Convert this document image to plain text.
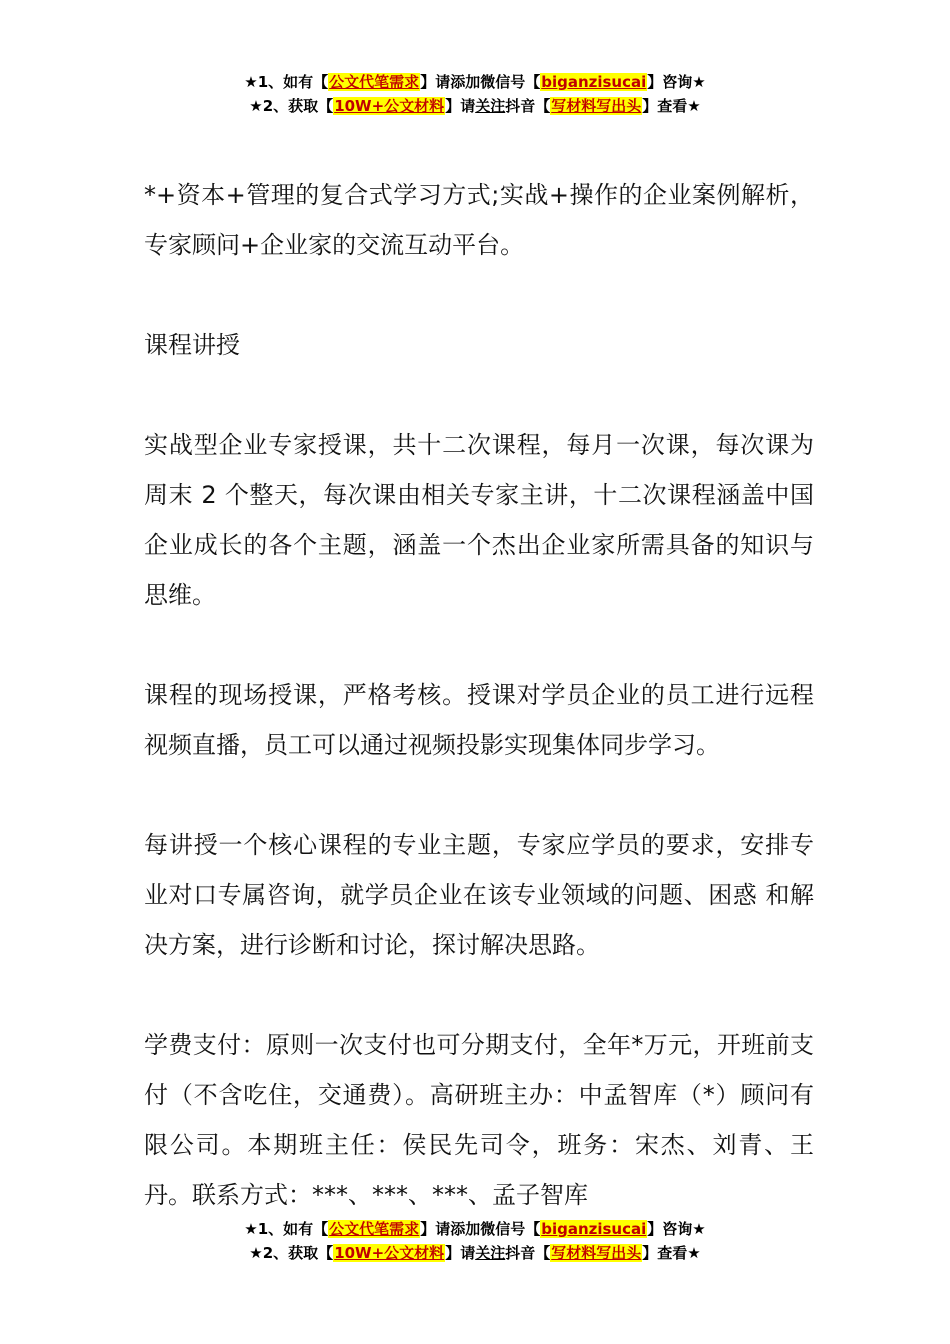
★1、如有【公文代笔需求】请添加微信号【biganzisucai】咨询★
★2、获取【10W+公文材料】请关注抖音【写材料写出头】查看★

*+资本+管理的复合式学习方式;实战+操作的企业案例解析，专家顾问+企业家的交流互动平台。

课程讲授

实战型企业专家授课，共十二次课程，每月一次课，每次课为周末 2 个整天，每次课由相关专家主讲，十二次课程涵盖中国企业成长的各个主题，涵盖一个杰出企业家所需具备的知识与思维。

课程的现场授课，严格考核。授课对学员企业的员工进行远程视频直播，员工可以通过视频投影实现集体同步学习。

每讲授一个核心课程的专业主题，专家应学员的要求，安排专业对口专属咨询，就学员企业在该专业领域的问题、困惑 和解决方案，进行诊断和讨论，探讨解决思路。

学费支付：原则一次支付也可分期支付，全年*万元，开班前支付（不含吃住，交通费）。高研班主办：中孟智库（*）顾问有限公司。本期班主任：侯民先司令，班务：宋杰、刘青、王丹。联系方式：***、***、***、孟子智库

★1、如有【公文代笔需求】请添加微信号【biganzisucai】咨询★
★2、获取【10W+公文材料】请关注抖音【写材料写出头】查看★
